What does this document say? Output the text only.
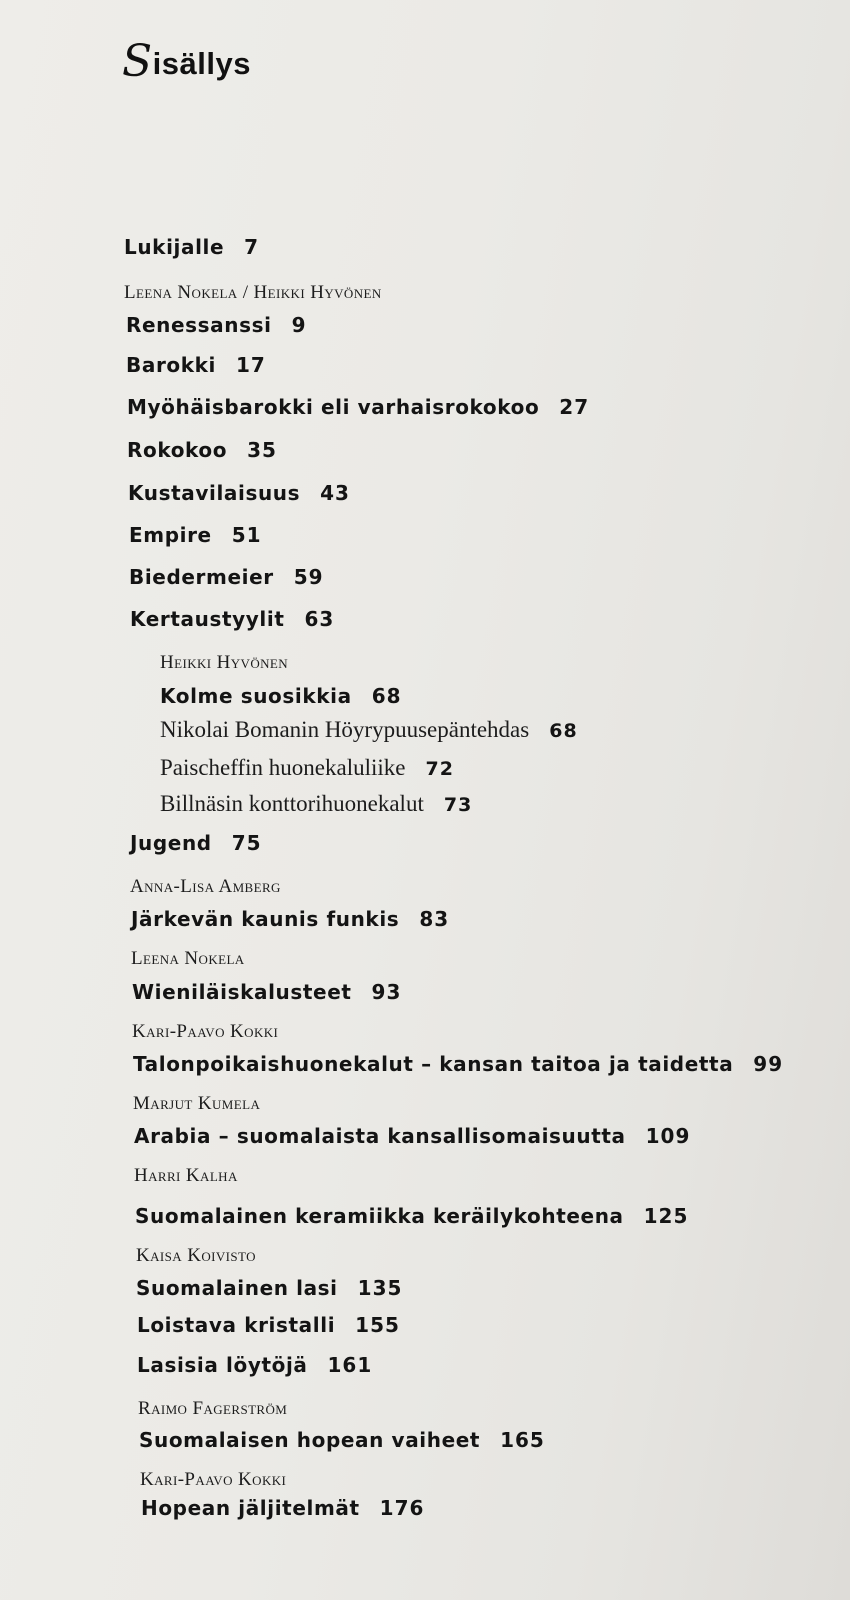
Sisällys
Lukijalle 7
Leena Nokela / Heikki Hyvönen
Renessanssi 9
Barokki 17
Myöhäisbarokki eli varhaisrokokoo 27
Rokokoo 35
Kustavilaisuus 43
Empire 51
Biedermeier 59
Kertaustyylit 63
Heikki Hyvönen
Kolme suosikkia 68
Nikolai Bomanin Höyrypuusepäntehdas 68
Paischeffin huonekaluliike 72
Billnäsin konttorihuonekalut 73
Jugend 75
Anna-Lisa Amberg
Järkevän kaunis funkis 83
Leena Nokela
Wieniläiskalusteet 93
Kari-Paavo Kokki
Talonpoikaishuonekalut – kansan taitoa ja taidetta 99
Marjut Kumela
Arabia – suomalaista kansallisomaisuutta 109
Harri Kalha
Suomalainen keramiikka keräilykohteena 125
Kaisa Koivisto
Suomalainen lasi 135
Loistava kristalli 155
Lasisia löytöjä 161
Raimo Fagerström
Suomalaisen hopean vaiheet 165
Kari-Paavo Kokki
Hopean jäljitelmät 176
